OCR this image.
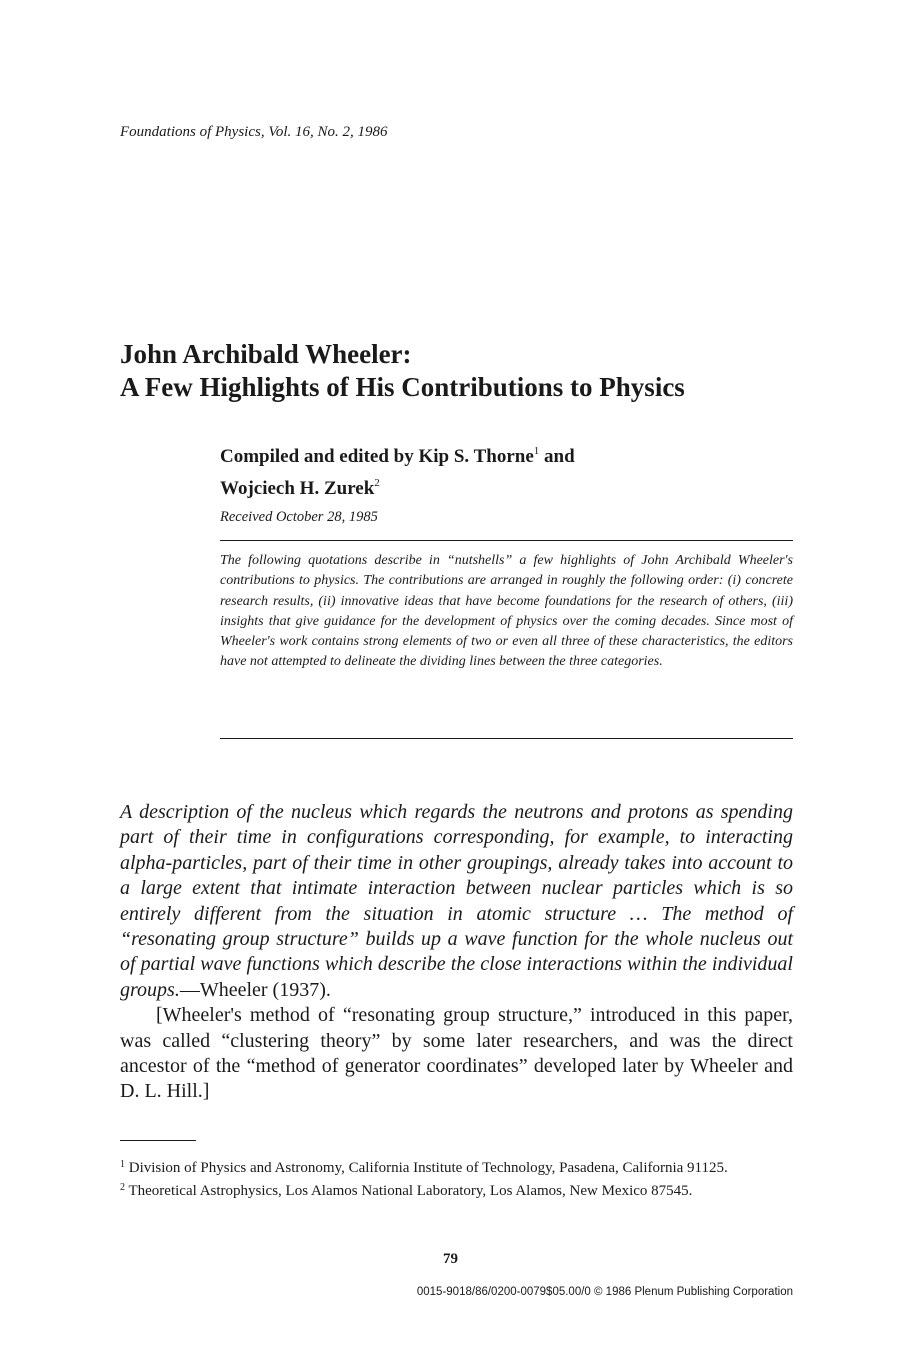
Foundations of Physics, Vol. 16, No. 2, 1986
John Archibald Wheeler:
A Few Highlights of His Contributions to Physics
Compiled and edited by Kip S. Thorne$^1$ and
Wojciech H. Zurek$^2$
Received October 28, 1985
The following quotations describe in “nutshells” a few highlights of John Archibald Wheeler's contributions to physics. The contributions are arranged in roughly the following order: (i) concrete research results, (ii) innovative ideas that have become foundations for the research of others, (iii) insights that give guidance for the development of physics over the coming decades. Since most of Wheeler's work contains strong elements of two or even all three of these characteristics, the editors have not attempted to delineate the dividing lines between the three categories.

A description of the nucleus which regards the neutrons and protons as spending part of their time in configurations corresponding, for example, to interacting alpha-particles, part of their time in other groupings, already takes into account to a large extent that intimate interaction between nuclear particles which is so entirely different from the situation in atomic structure … The method of “resonating group structure” builds up a wave function for the whole nucleus out of partial wave functions which describe the close interactions within the individual groups.—Wheeler (1937).

[Wheeler's method of “resonating group structure,” introduced in this paper, was called “clustering theory” by some later researchers, and was the direct ancestor of the “method of generator coordinates” developed later by Wheeler and D. L. Hill.]

$^1$ Division of Physics and Astronomy, California Institute of Technology, Pasadena, California 91125.
$^2$ Theoretical Astrophysics, Los Alamos National Laboratory, Los Alamos, New Mexico 87545.
79
0015-9018/86/0200-0079$05.00/0 © 1986 Plenum Publishing Corporation
